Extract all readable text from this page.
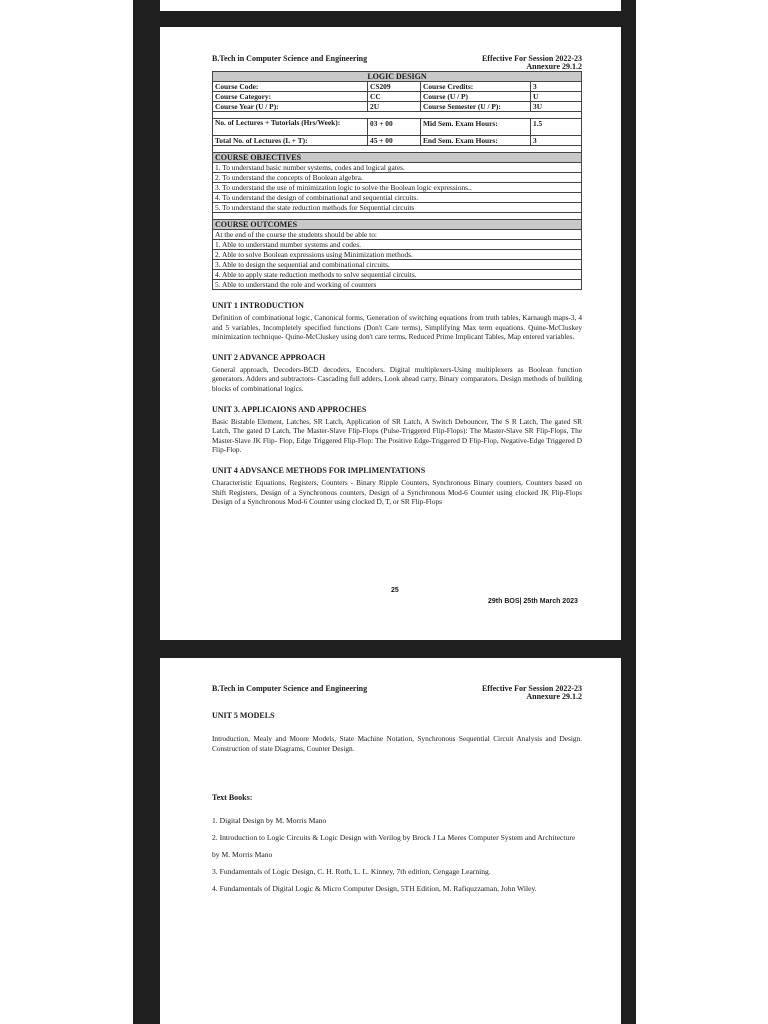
B.Tech in Computer Science and Engineering	Effective For Session 2022-23
Annexure 29.1.2
LOGIC DESIGN			
Course Code:	CS209	Course Credits:	3
Course Category:	CC	Course (U / P)	U
Course Year (U / P):	2U	Course Semester (U / P):	3U

No. of Lectures + Tutorials (Hrs/Week):	03 + 00	Mid Sem. Exam Hours:	1.5
Total No. of Lectures (L + T):	45 + 00	End Sem. Exam Hours:	3

COURSE OBJECTIVES			
1. To understand basic number systems, codes and logical gates.			
2. To understand the concepts of Boolean algebra.			
3. To understand the use of minimization logic to solve the Boolean logic expressions..			
4. To understand the design of combinational and sequential circuits.			
5. To understand the state reduction methods for Sequential circuits			

COURSE OUTCOMES			
At the end of the course the students should be able to:			
1. Able to understand number systems and codes.			
2. Able to solve Boolean expressions using Minimization methods.			
3. Able to design the sequential and combinational circuits.			
4. Able to apply state reduction methods to solve sequential circuits.			
5. Able to understand the role and working of counters			
UNIT 1 INTRODUCTION
Definition of combinational logic, Canonical forms, Generation of switching equations from truth tables, Karnaugh maps-3, 4 and 5 variables, Incompletely specified functions (Don't Care terms), Simplifying Max term equations. Quine-McCluskey minimization technique- Quine-McCluskey using don't care terms, Reduced Prime Implicant Tables, Map entered variables.
UNIT 2 ADVANCE APPROACH
General approach, Decoders-BCD decoders, Encoders. Digital multiplexers-Using multiplexers as Boolean function generators. Adders and subtractors- Cascading full adders, Look ahead carry, Binary comparators. Design methods of building blocks of combinational logics.
UNIT 3. APPLICAIONS AND APPROCHES
Basic Bistable Element, Latches, SR Latch, Application of SR Latch, A Switch Debouncer, The S R Latch, The gated SR Latch, The gated D Latch, The Master-Slave Flip-Flops (Pulse-Triggered Flip-Flops): The Master-Slave SR Flip-Flops, The Master-Slave JK Flip- Flop, Edge Triggered Flip-Flop: The Positive Edge-Triggered D Flip-Flop, Negative-Edge Triggered D Flip-Flop.
UNIT 4 ADVSANCE METHODS FOR IMPLIMENTATIONS
Characteristic Equations, Registers, Counters - Binary Ripple Counters, Synchronous Binary counters, Counters based on Shift Registers, Design of a Synchronous counters, Design of a Synchronous Mod-6 Counter using clocked JK Flip-Flops Design of a Synchronous Mod-6 Counter using clocked D, T, or SR Flip-Flops
25
29th BOS| 25th March 2023
B.Tech in Computer Science and Engineering	Effective For Session 2022-23
Annexure 29.1.2
UNIT 5 MODELS
Introduction, Mealy and Moore Models, State Machine Notation, Synchronous Sequential Circuit Analysis and Design. Construction of state Diagrams, Counter Design.
Text Books:
1. Digital Design by M. Morris Mano
2. Introduction to Logic Circuits & Logic Design with Verilog by Brock J La Meres Computer System and Architecture by M. Morris Mano
3. Fundamentals of Logic Design, C. H. Roth, L. L. Kinney, 7th edition, Cengage Learning.
4. Fundamentals of Digital Logic & Micro Computer Design, 5TH Edition, M. Rafiquzzaman, John Wiley.
